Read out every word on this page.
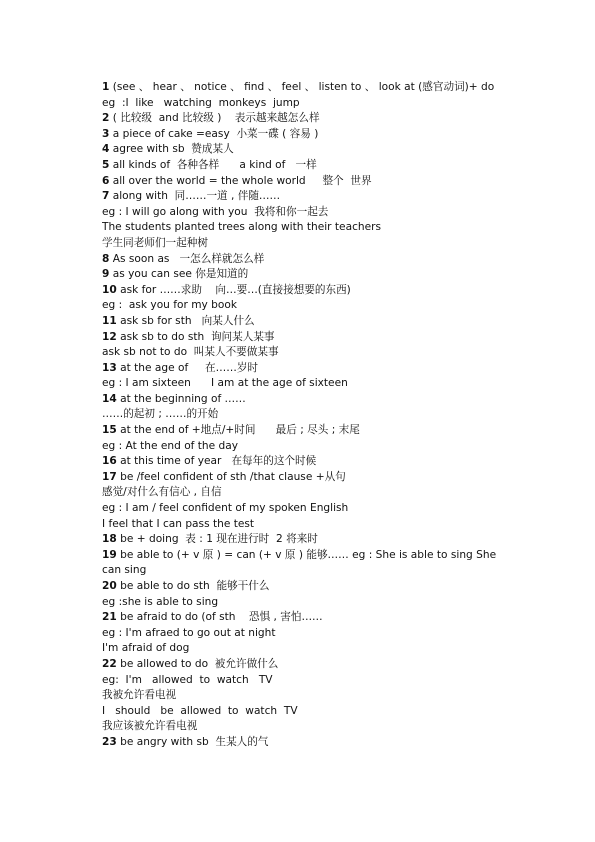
1 (see 、 hear 、 notice 、 find 、 feel 、 listen to 、 look at (感官动词)+ do
eg  :I  like   watching  monkeys  jump
2 ( 比较级  and 比较级 )    表示越来越怎么样
3 a piece of cake =easy  小菜一碟 ( 容易 )
4 agree with sb  赞成某人
5 all kinds of  各种各样      a kind of   一样
6 all over the world = the whole world     整个  世界
7 along with  同……一道 , 伴随……
eg : I will go along with you  我将和你一起去
The students planted trees along with their teachers
学生同老师们一起种树
8 As soon as   一怎么样就怎么样
9 as you can see 你是知道的
10 ask for ……求助    向…要…(直接接想要的东西)
eg :  ask you for my book
11 ask sb for sth   向某人什么
12 ask sb to do sth  询问某人某事
ask sb not to do  叫某人不要做某事
13 at the age of     在……岁时
eg : I am sixteen      I am at the age of sixteen
14 at the beginning of ……
……的起初 ; ……的开始
15 at the end of +地点/+时间      最后 ; 尽头 ; 末尾
eg : At the end of the day
16 at this time of year   在每年的这个时候
17 be /feel confident of sth /that clause +从句
感觉/对什么有信心 , 自信
eg : I am / feel confident of my spoken English
I feel that I can pass the test
18 be + doing  表 : 1 现在进行时  2 将来时
19 be able to (+ v 原 ) = can (+ v 原 ) 能够…… eg : She is able to sing She can sing
20 be able to do sth  能够干什么
eg :she is able to sing
21 be afraid to do (of sth    恐惧 , 害怕……
eg : I'm afraed to go out at night
I'm afraid of dog
22 be allowed to do  被允许做什么
eg:  I'm   allowed  to  watch   TV
我被允许看电视
I   should   be  allowed  to  watch  TV
我应该被允许看电视
23 be angry with sb  生某人的气
